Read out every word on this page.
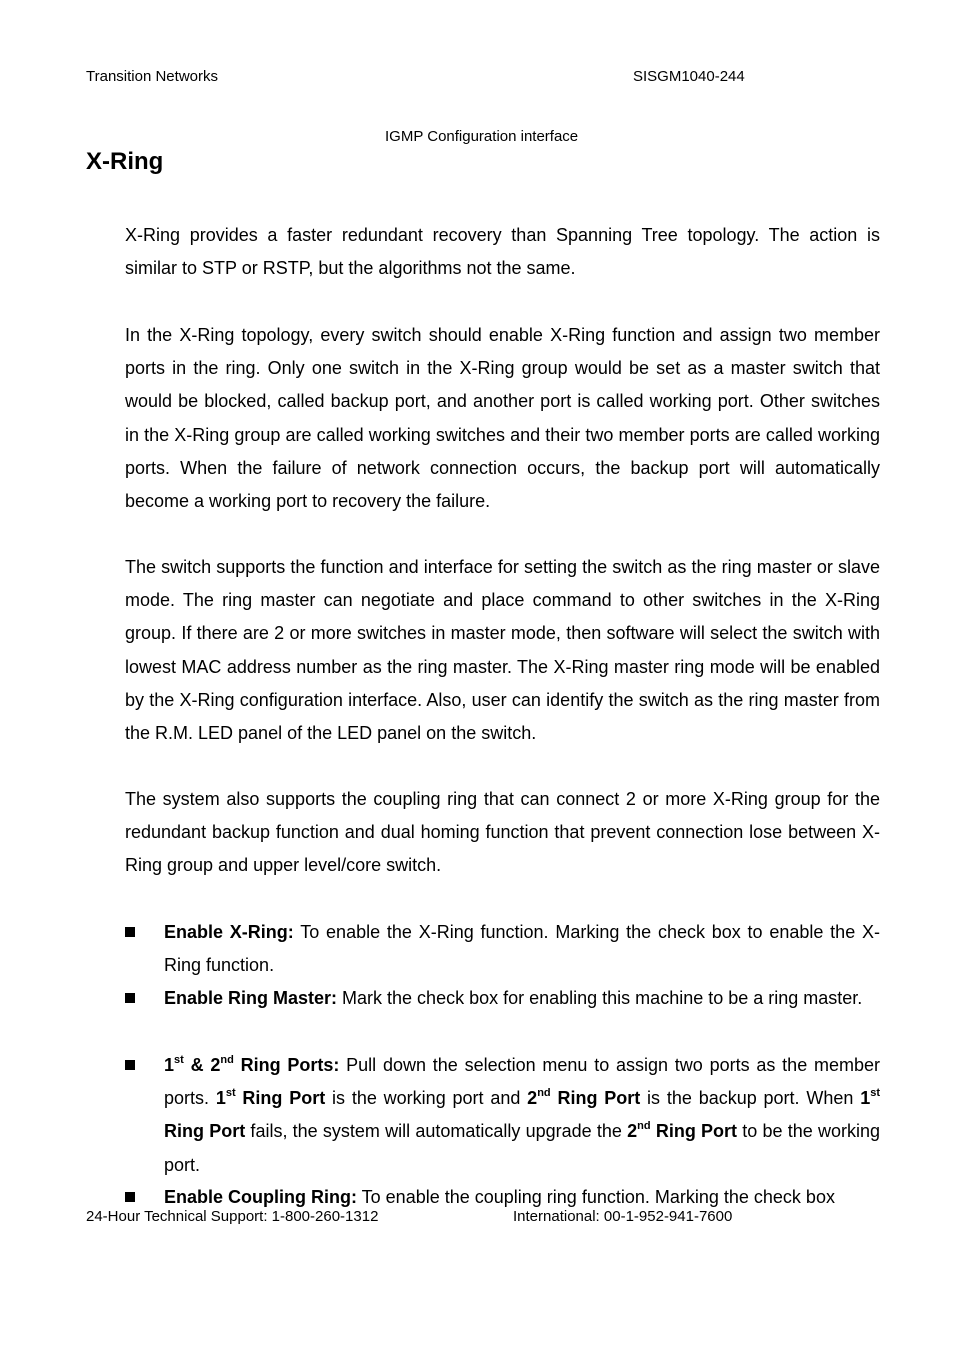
Transition Networks	SISGM1040-244
IGMP Configuration interface
X-Ring
X-Ring provides a faster redundant recovery than Spanning Tree topology. The action is similar to STP or RSTP, but the algorithms not the same.
In the X-Ring topology, every switch should enable X-Ring function and assign two member ports in the ring. Only one switch in the X-Ring group would be set as a master switch that would be blocked, called backup port, and another port is called working port. Other switches in the X-Ring group are called working switches and their two member ports are called working ports. When the failure of network connection occurs, the backup port will automatically become a working port to recovery the failure.
The switch supports the function and interface for setting the switch as the ring master or slave mode. The ring master can negotiate and place command to other switches in the X-Ring group. If there are 2 or more switches in master mode, then software will select the switch with lowest MAC address number as the ring master. The X-Ring master ring mode will be enabled by the X-Ring configuration interface. Also, user can identify the switch as the ring master from the R.M. LED panel of the LED panel on the switch.
The system also supports the coupling ring that can connect 2 or more X-Ring group for the redundant backup function and dual homing function that prevent connection lose between X-Ring group and upper level/core switch.
Enable X-Ring: To enable the X-Ring function. Marking the check box to enable the X-Ring function.
Enable Ring Master: Mark the check box for enabling this machine to be a ring master.
1st & 2nd Ring Ports: Pull down the selection menu to assign two ports as the member ports. 1st Ring Port is the working port and 2nd Ring Port is the backup port. When 1st Ring Port fails, the system will automatically upgrade the 2nd Ring Port to be the working port.
Enable Coupling Ring: To enable the coupling ring function. Marking the check box
24-Hour Technical Support: 1-800-260-1312	International: 00-1-952-941-7600
